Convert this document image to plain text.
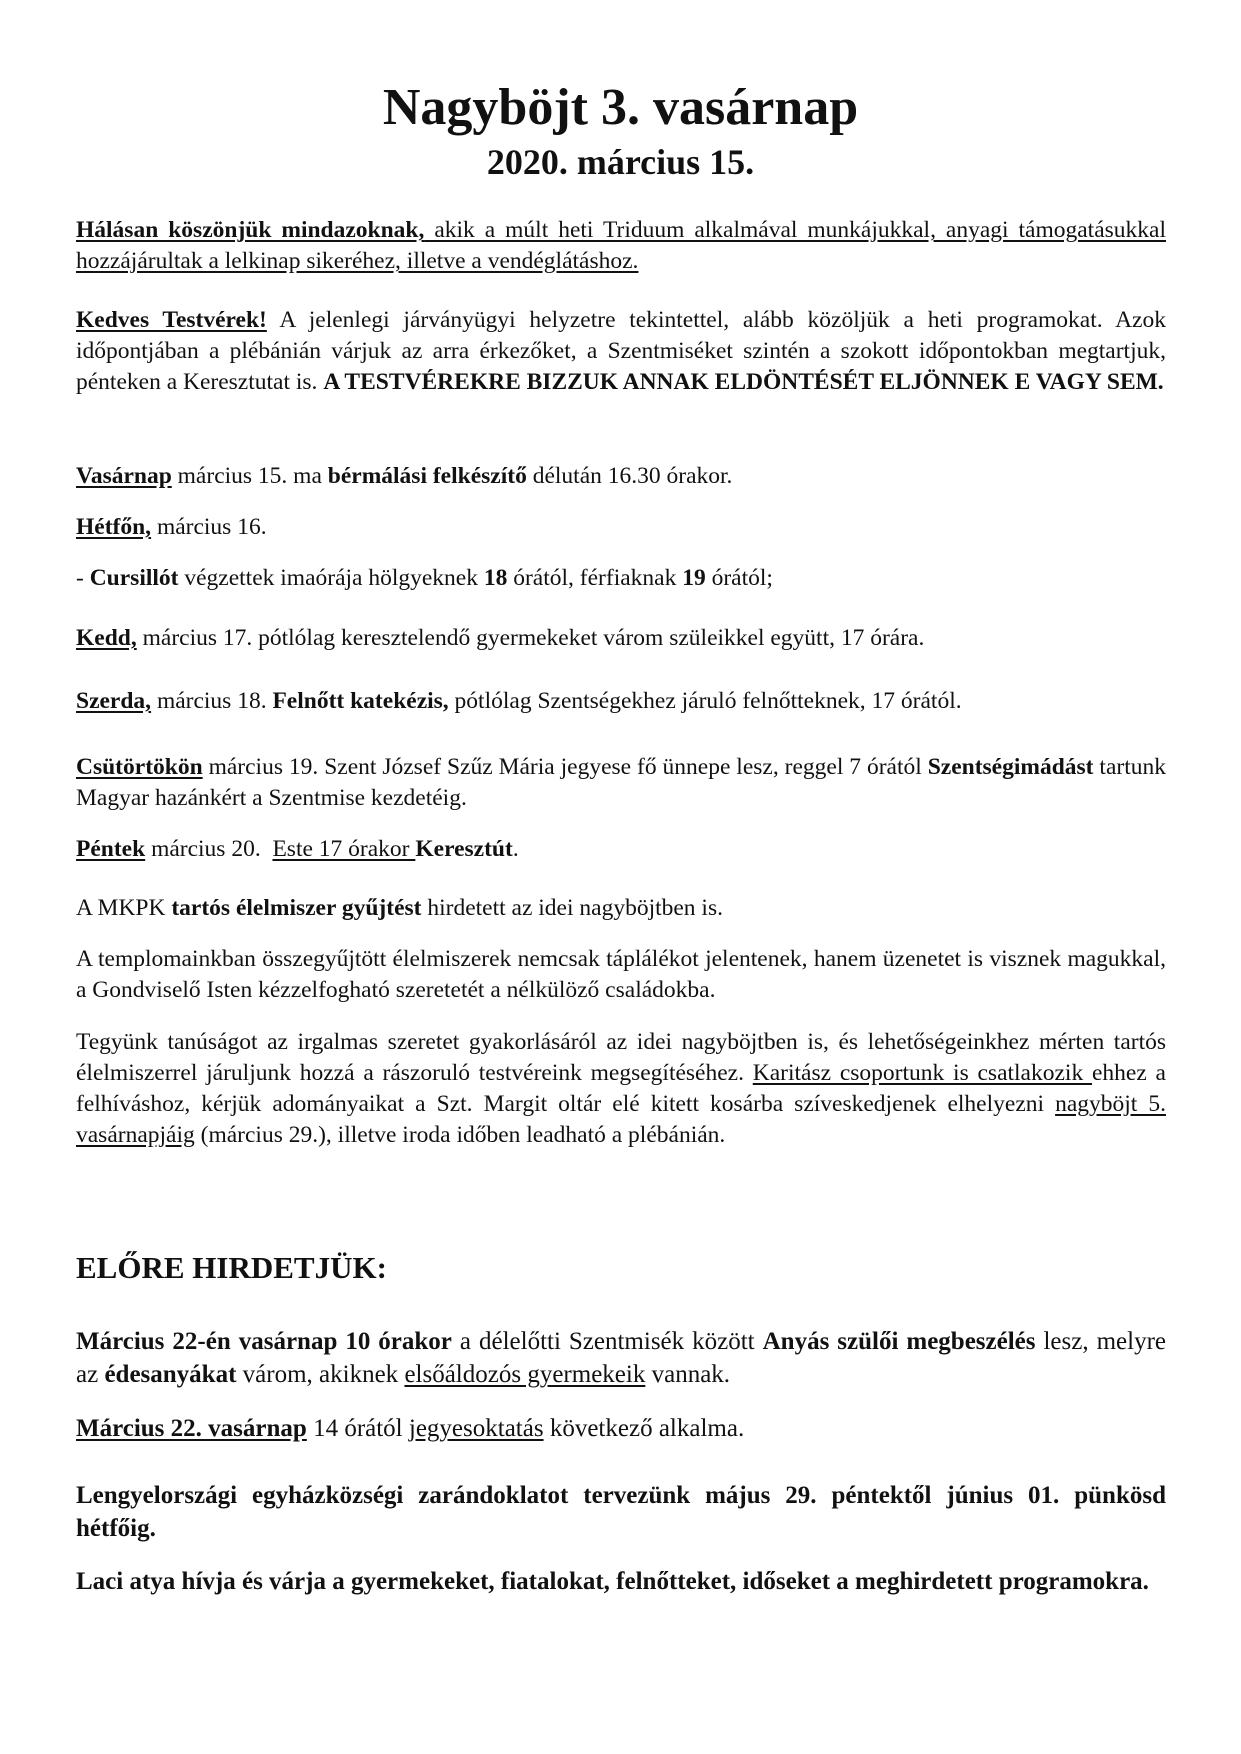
Nagyböjt 3. vasárnap
2020. március 15.
Hálásan köszönjük mindazoknak, akik a múlt heti Triduum alkalmával munkájukkal, anyagi támogatásukkal hozzájárultak a lelkinap sikeréhez, illetve a vendéglátáshoz.
Kedves Testvérek! A jelenlegi járványügyi helyzetre tekintettel, alább közöljük a heti programokat. Azok időpontjában a plébánián várjuk az arra érkezőket, a Szentmiséket szintén a szokott időpontokban megtartjuk, pénteken a Keresztutat is. A TESTVÉREKRE BIZZUK ANNAK ELDÖNTÉSÉT ELJÖNNEK E VAGY SEM.
Vasárnap március 15. ma bérmálási felkészítő délután 16.30 órakor.
Hétfőn, március 16.
- Cursillót végzettek imaórája hölgyeknek 18 órától, férfiaknak 19 órától;
Kedd, március 17. pótlólag keresztelendő gyermekeket várom szüleikkel együtt, 17 órára.
Szerda, március 18. Felnőtt katekézis, pótlólag Szentségekhez járuló felnőtteknek, 17 órától.
Csütörtökön március 19. Szent József Szűz Mária jegyese fő ünnepe lesz, reggel 7 órától Szentségimádást tartunk Magyar hazánkért a Szentmise kezdetéig.
Péntek március 20.  Este 17 órakor Keresztút.
A MKPK tartós élelmiszer gyűjtést hirdetett az idei nagyböjtben is.
A templomainkban összegyűjtött élelmiszerek nemcsak táplálékot jelentenek, hanem üzenetet is visznek magukkal, a Gondviselő Isten kézzelfogható szeretetét a nélkülöző családokba.
Tegyünk tanúságot az irgalmas szeretet gyakorlásáról az idei nagyböjtben is, és lehetőségeinkhez mérten tartós élelmiszerrel járuljunk hozzá a rászoruló testvéreink megsegítéséhez. Karitász csoportunk is csatlakozik ehhez a felhíváshoz, kérjük adományaikat a Szt. Margit oltár elé kitett kosárba szíveskedjenek elhelyezni nagyböjt 5. vasárnapjáig (március 29.), illetve iroda időben leadható a plébánián.
ELŐRE HIRDETJÜK:
Március 22-én vasárnap 10 órakor a délelőtti Szentmisék között Anyás szülői megbeszélés lesz, melyre az édesanyákat várom, akiknek elsőáldozós gyermekeik vannak.
Március 22. vasárnap 14 órától jegyesoktatás következő alkalma.
Lengyelországi egyházközségi zarándoklatot tervezünk május 29. péntektől június 01. pünkösd hétfőig.
Laci atya hívja és várja a gyermekeket, fiatalokat, felnőtteket, időseket a meghirdetett programokra.
